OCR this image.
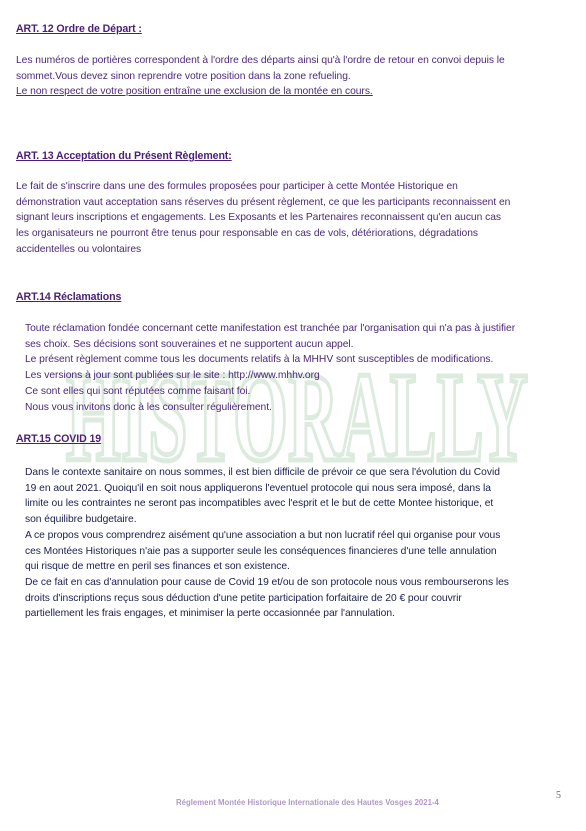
HISTORALLY
ART. 12 Ordre de Départ :
Les numéros de portières correspondent à l'ordre des départs ainsi qu'à l'ordre de retour en convoi depuis le
sommet.Vous devez sinon reprendre votre position dans la zone refueling.
Le non respect de votre position entraîne une exclusion de la montée en cours.
ART. 13 Acceptation du Présent Règlement:
Le fait de s'inscrire dans une des formules proposées pour participer à cette Montée Historique en
démonstration vaut acceptation sans réserves du présent règlement, ce que les participants reconnaissent en
signant leurs inscriptions et engagements. Les Exposants et les Partenaires reconnaissent qu'en aucun cas
les organisateurs ne pourront être tenus pour responsable en cas de vols, détériorations, dégradations
accidentelles ou volontaires
ART.14 Réclamations
Toute réclamation fondée concernant cette manifestation est tranchée par l'organisation qui n'a pas à justifier
ses choix. Ses décisions sont souveraines et ne supportent aucun appel.
Le présent règlement comme tous les documents relatifs à la MHHV sont susceptibles de modifications.
Les versions à jour sont publiées sur le site : http://www.mhhv.org
Ce sont elles qui sont réputées comme faisant foi.
Nous vous invitons donc à les consulter régulièrement.
ART.15 COVID 19
Dans le contexte sanitaire on nous sommes, il est bien difficile de prévoir ce que sera l'évolution du Covid
19 en aout 2021. Quoiqu'il en soit nous appliquerons l'eventuel protocole qui nous sera imposé, dans la
limite ou les contraintes ne seront pas incompatibles avec l'esprit et le but de cette Montee historique, et
son équilibre budgetaire.
A ce propos vous comprendrez aisément qu'une association a but non lucratif réel qui organise pour vous
ces Montées Historiques n'aie pas a supporter seule les conséquences financieres d'une telle annulation
qui risque de mettre en peril ses finances et son existence.
De ce fait en cas d'annulation pour cause de Covid 19 et/ou de son protocole nous vous rembourserons les
droits d'inscriptions reçus sous déduction d'une petite participation forfaitaire de 20 € pour couvrir
partiellement les frais engages, et minimiser la perte occasionnée par l'annulation.
5
Réglement Montée Historique Internationale des Hautes Vosges 2021-4
